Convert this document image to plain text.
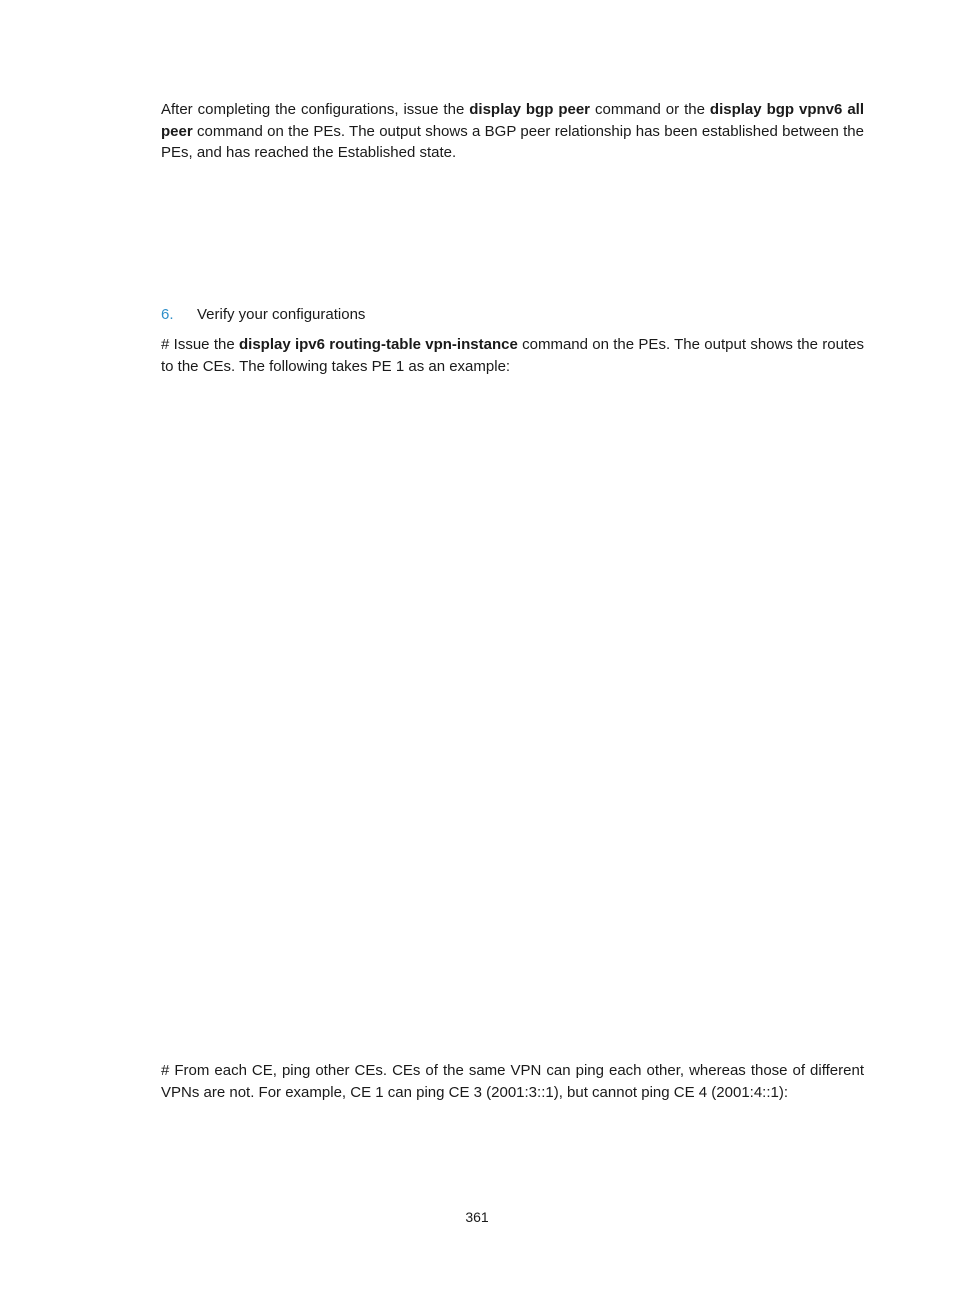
After completing the configurations, issue the display bgp peer command or the display bgp vpnv6 all peer command on the PEs. The output shows a BGP peer relationship has been established between the PEs, and has reached the Established state.

6. Verify your configurations

# Issue the display ipv6 routing-table vpn-instance command on the PEs. The output shows the routes to the CEs. The following takes PE 1 as an example:

# From each CE, ping other CEs. CEs of the same VPN can ping each other, whereas those of different VPNs are not. For example, CE 1 can ping CE 3 (2001:3::1), but cannot ping CE 4 (2001:4::1):

361
